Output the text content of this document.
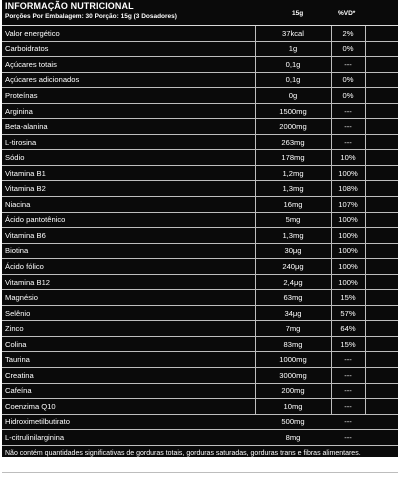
INFORMAÇÃO NUTRICIONAL
Porções Por Embalagem: 30 Porção: 15g (3 Dosadores)	15g	%VD*
Valor energético	37kcal	2%
Carboidratos	1g	0%
Açúcares totais	0,1g	---
Açúcares adicionados	0,1g	0%
Proteínas	0g	0%
Arginina	1500mg	---
Beta-alanina	2000mg	---
L-tirosina	263mg	---
Sódio	178mg	10%
Vitamina B1	1,2mg	100%
Vitamina B2	1,3mg	108%
Niacina	16mg	107%
Ácido pantotênico	5mg	100%
Vitamina B6	1,3mg	100%
Biotina	30μg	100%
Ácido fólico	240μg	100%
Vitamina B12	2,4μg	100%
Magnésio	63mg	15%
Selênio	34μg	57%
Zinco	7mg	64%
Colina	83mg	15%
Taurina	1000mg	---
Creatina	3000mg	---
Cafeína	200mg	---
Coenzima Q10	10mg	---
Hidroximetilbutirato	500mg	---
L-citrulinilarginina	8mg	---
Não contém quantidades significativas de gorduras totais, gorduras saturadas, gorduras trans e fibras alimentares.
*Percentual de valores diários fornecidos pela porção.
